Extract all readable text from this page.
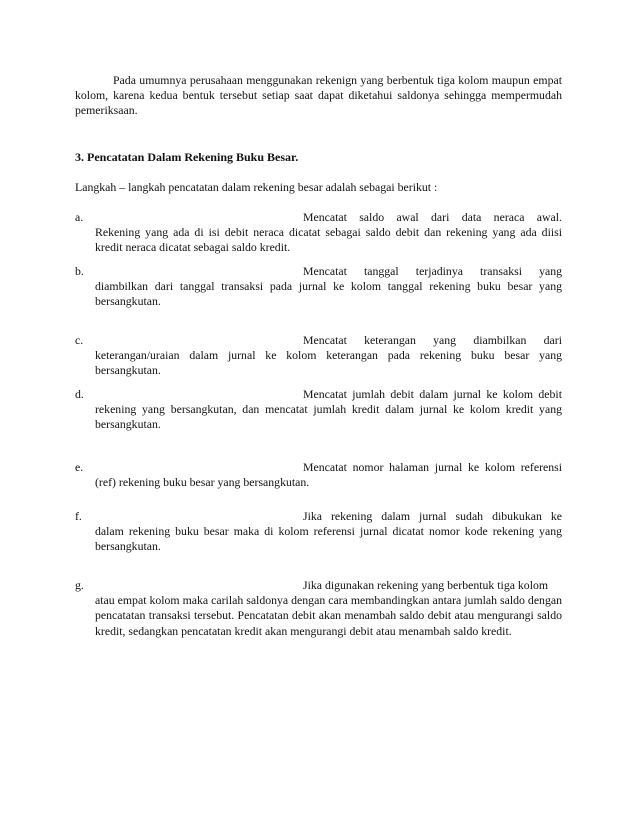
Pada umumnya perusahaan menggunakan rekenign yang berbentuk tiga kolom maupun empat kolom, karena kedua bentuk tersebut setiap saat dapat diketahui saldonya sehingga mempermudah pemeriksaan.

3. Pencatatan Dalam Rekening Buku Besar.

Langkah – langkah pencatatan dalam rekening besar adalah sebagai berikut :

a.	Mencatat saldo awal dari data neraca awal.

Rekening yang ada di isi debit neraca dicatat sebagai saldo debit dan rekening yang ada diisi kredit neraca dicatat sebagai saldo kredit.

b.	Mencatat tanggal terjadinya transaksi yang

diambilkan dari tanggal transaksi pada jurnal ke kolom tanggal rekening buku besar yang bersangkutan.

c.	Mencatat keterangan yang diambilkan dari

keterangan/uraian dalam jurnal ke kolom keterangan pada rekening buku besar yang bersangkutan.

d.	Mencatat jumlah debit dalam jurnal ke kolom debit

rekening yang bersangkutan, dan mencatat jumlah kredit dalam jurnal ke kolom kredit yang bersangkutan.

e.	Mencatat nomor halaman jurnal ke kolom referensi

(ref) rekening buku besar yang bersangkutan.

f.	Jika rekening dalam jurnal sudah dibukukan ke

dalam rekening buku besar maka di kolom referensi jurnal dicatat nomor kode rekening yang bersangkutan.

g.	Jika digunakan rekening yang berbentuk tiga kolom

atau empat kolom maka carilah saldonya dengan cara membandingkan antara jumlah saldo dengan pencatatan transaksi tersebut. Pencatatan debit akan menambah saldo debit atau mengurangi saldo kredit, sedangkan pencatatan kredit akan mengurangi debit atau menambah saldo kredit.
